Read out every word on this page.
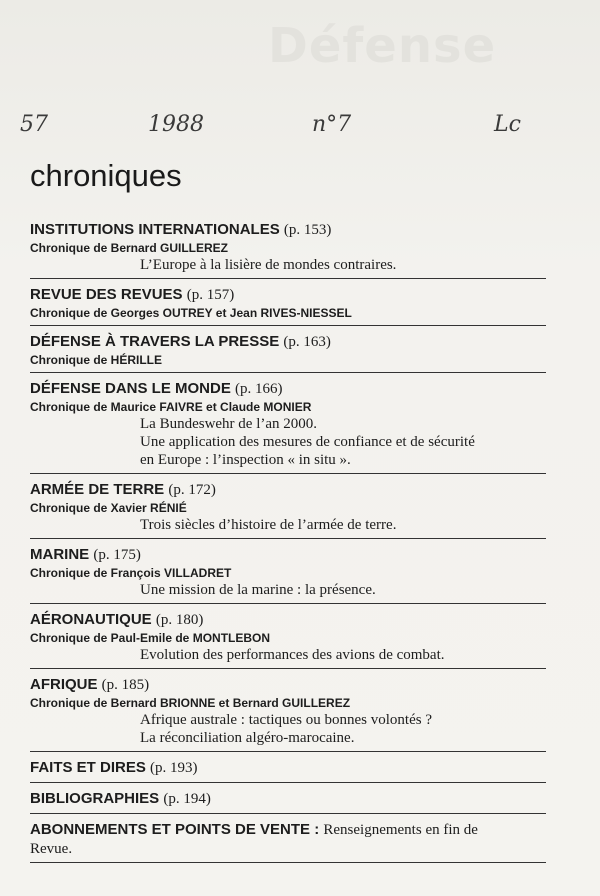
Défense
57	1988	n°7	Lc
chroniques
INSTITUTIONS INTERNATIONALES (p. 153)
Chronique de Bernard GUILLEREZ
L’Europe à la lisière de mondes contraires.
REVUE DES REVUES (p. 157)
Chronique de Georges OUTREY et Jean RIVES-NIESSEL
DÉFENSE À TRAVERS LA PRESSE (p. 163)
Chronique de HÉRILLE
DÉFENSE DANS LE MONDE (p. 166)
Chronique de Maurice FAIVRE et Claude MONIER
La Bundeswehr de l’an 2000.
Une application des mesures de confiance et de sécurité
en Europe : l’inspection « in situ ».
ARMÉE DE TERRE (p. 172)
Chronique de Xavier RÉNIÉ
Trois siècles d’histoire de l’armée de terre.
MARINE (p. 175)
Chronique de François VILLADRET
Une mission de la marine : la présence.
AÉRONAUTIQUE (p. 180)
Chronique de Paul-Emile de MONTLEBON
Evolution des performances des avions de combat.
AFRIQUE (p. 185)
Chronique de Bernard BRIONNE et Bernard GUILLEREZ
Afrique australe : tactiques ou bonnes volontés ?
La réconciliation algéro-marocaine.
FAITS ET DIRES (p. 193)
BIBLIOGRAPHIES (p. 194)
ABONNEMENTS ET POINTS DE VENTE : Renseignements en fin de
Revue.
